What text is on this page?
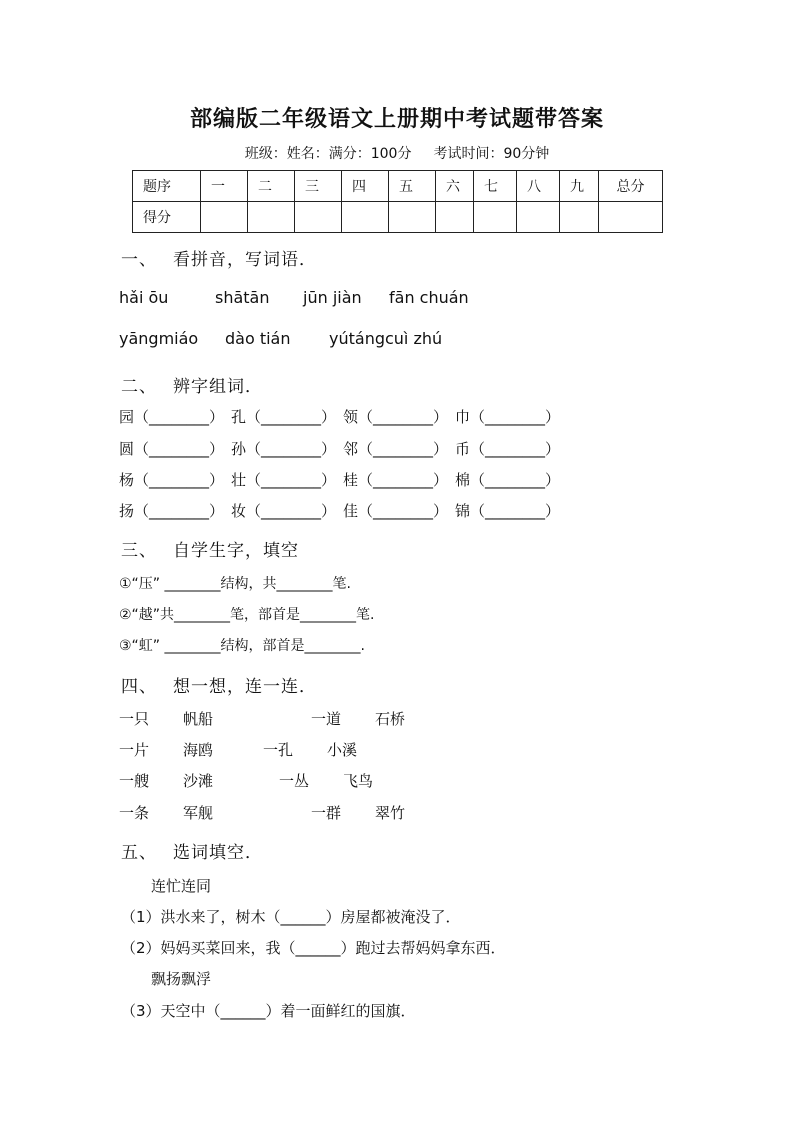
部编版二年级语文上册期中考试题带答案
班级：姓名：满分：100分 考试时间：90分钟
题序	一	二	三	四	五	六	七	八	九	总分
得分										
一、 看拼音，写词语．
hǎi ōu	shātān jūn jiàn fān chuán
yāngmiáo dào tián yútángcuì zhú
二、 辨字组词．
园（________） 孔（________） 领（________） 巾（________）
圆（________） 孙（________） 邻（________） 币（________）
杨（________） 壮（________） 桂（________） 棉（________）
扬（________） 妆（________） 佳（________） 锦（________）
三、 自学生字，填空
①“压” ________结构，共________笔.
②“越”共________笔，部首是________笔.
③“虹” ________结构，部首是________.
四、 想一想，连一连．
一只 帆船	一道 石桥
一片 海鸥	一孔 小溪
一艘 沙滩	一丛 飞鸟
一条 军舰	一群 翠竹
五、 选词填空．
连忙连同
（1）洪水来了，树木（______）房屋都被淹没了．
（2）妈妈买菜回来，我（______）跑过去帮妈妈拿东西．
飘扬飘浮
（3）天空中（______）着一面鲜红的国旗．
